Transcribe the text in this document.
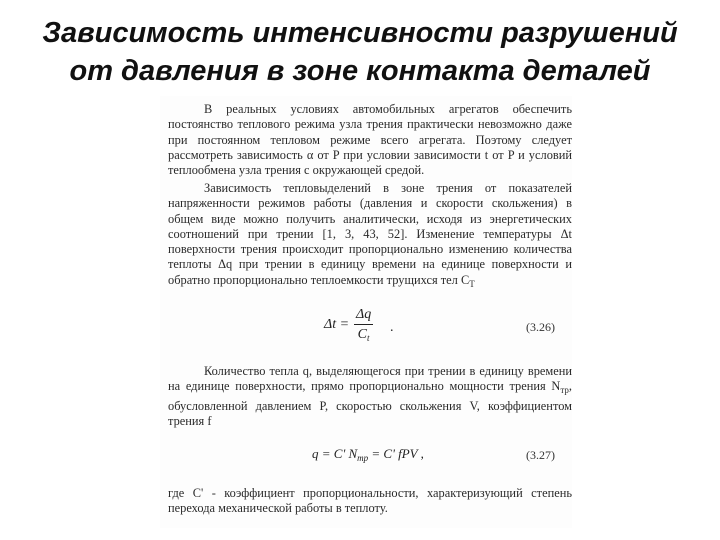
Зависимость интенсивности разрушений
от давления в зоне контакта деталей

В реальных условиях автомобильных агрегатов обеспечить постоянство теплового режима узла трения практически невозможно даже при постоянном тепловом режиме всего агрегата. Поэтому следует рассмотреть зависимость α от P при условии зависимости t от P и условий теплообмена узла трения с окружающей средой.

Зависимость тепловыделений в зоне трения от показателей напряженности режимов работы (давления и скорости скольжения) в общем виде можно получить аналитически, исходя из энергетических соотношений при трении [1, 3, 43, 52]. Изменение температуры Δt поверхности трения происходит пропорционально изменению количества теплоты Δq при трении в единицу времени на единице поверхности и обратно пропорционально теплоемкости трущихся тел $C_T$

$\Delta t = \frac{\Delta q}{C_t}$ .	(3.26)

Количество тепла q, выделяющегося при трении в единицу времени на единице поверхности, прямо пропорционально мощности трения $N_{тр}$, обусловленной давлением P, скоростью скольжения V, коэффициентом трения f

q = C' $N_{тр} = C'$ fPV ,	(3.27)

где C' - коэффициент пропорциональности, характеризующий степень перехода механической работы в теплоту.
